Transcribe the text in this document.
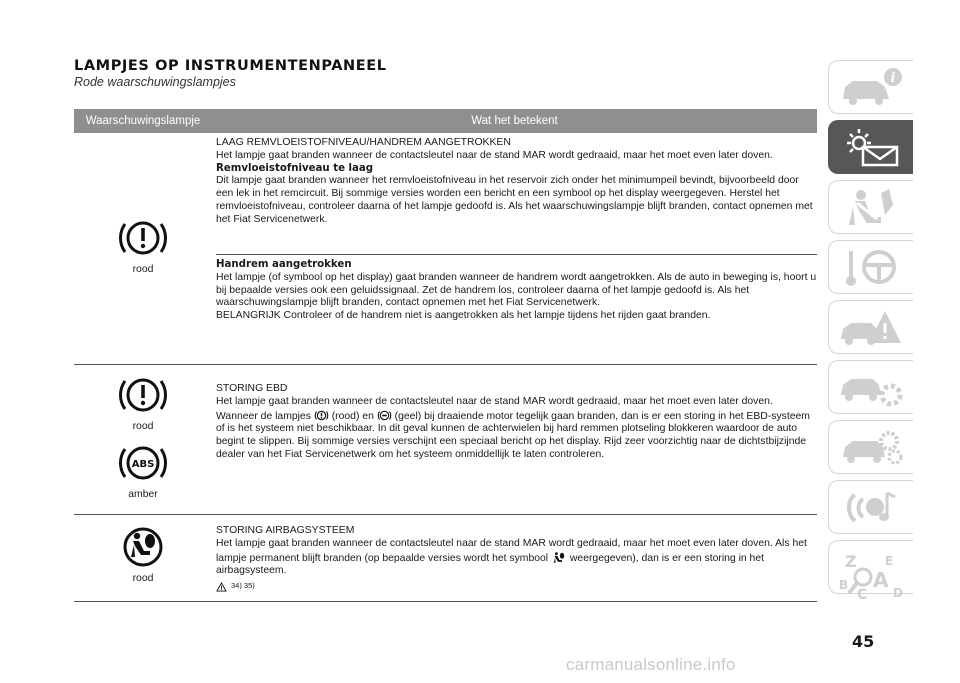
LAMPJES OP INSTRUMENTENPANEEL
Rode waarschuwingslampjes
Waarschuwingslampje	Wat het betekent
rood

LAAG REMVLOEISTOFNIVEAU/HANDREM AANGETROKKEN

Het lampje gaat branden wanneer de contactsleutel naar de stand MAR wordt gedraaid, maar het moet even later doven.

Remvloeistofniveau te laag

Dit lampje gaat branden wanneer het remvloeistofniveau in het reservoir zich onder het minimumpeil bevindt, bijvoorbeeld door een lek in het remcircuit. Bij sommige versies worden een bericht en een symbool op het display weergegeven. Herstel het remvloeistofniveau, controleer daarna of het lampje gedoofd is. Als het waarschuwingslampje blijft branden, contact opnemen met het Fiat Servicenetwerk.

Handrem aangetrokken

Het lampje (of symbool op het display) gaat branden wanneer de handrem wordt aangetrokken. Als de auto in beweging is, hoort u bij bepaalde versies ook een geluidssignaal. Zet de handrem los, controleer daarna of het lampje gedoofd is. Als het waarschuwingslampje blijft branden, contact opnemen met het Fiat Servicenetwerk.

BELANGRIJK Controleer of de handrem niet is aangetrokken als het lampje tijdens het rijden gaat branden.

rood
ABS
amber

STORING EBD

Het lampje gaat branden wanneer de contactsleutel naar de stand MAR wordt gedraaid, maar het moet even later doven. Wanneer de lampjes (rood) en (geel) bij draaiende motor tegelijk gaan branden, dan is er een storing in het EBD-systeem of is het systeem niet beschikbaar. In dit geval kunnen de achterwielen bij hard remmen plotseling blokkeren waardoor de auto begint te slippen. Bij sommige versies verschijnt een speciaal bericht op het display. Rijd zeer voorzichtig naar de dichtstbijzijnde dealer van het Fiat Servicenetwerk om het systeem onmiddellijk te laten controleren.

rood

STORING AIRBAGSYSTEEM

Het lampje gaat branden wanneer de contactsleutel naar de stand MAR wordt gedraaid, maar het moet even later doven. Als het lampje permanent blijft branden (op bepaalde versies wordt het symbool weergegeven), dan is er een storing in het airbagsysteem.

34) 35)
i
Z E
A
B
C D
45
carmanualsonline.info
